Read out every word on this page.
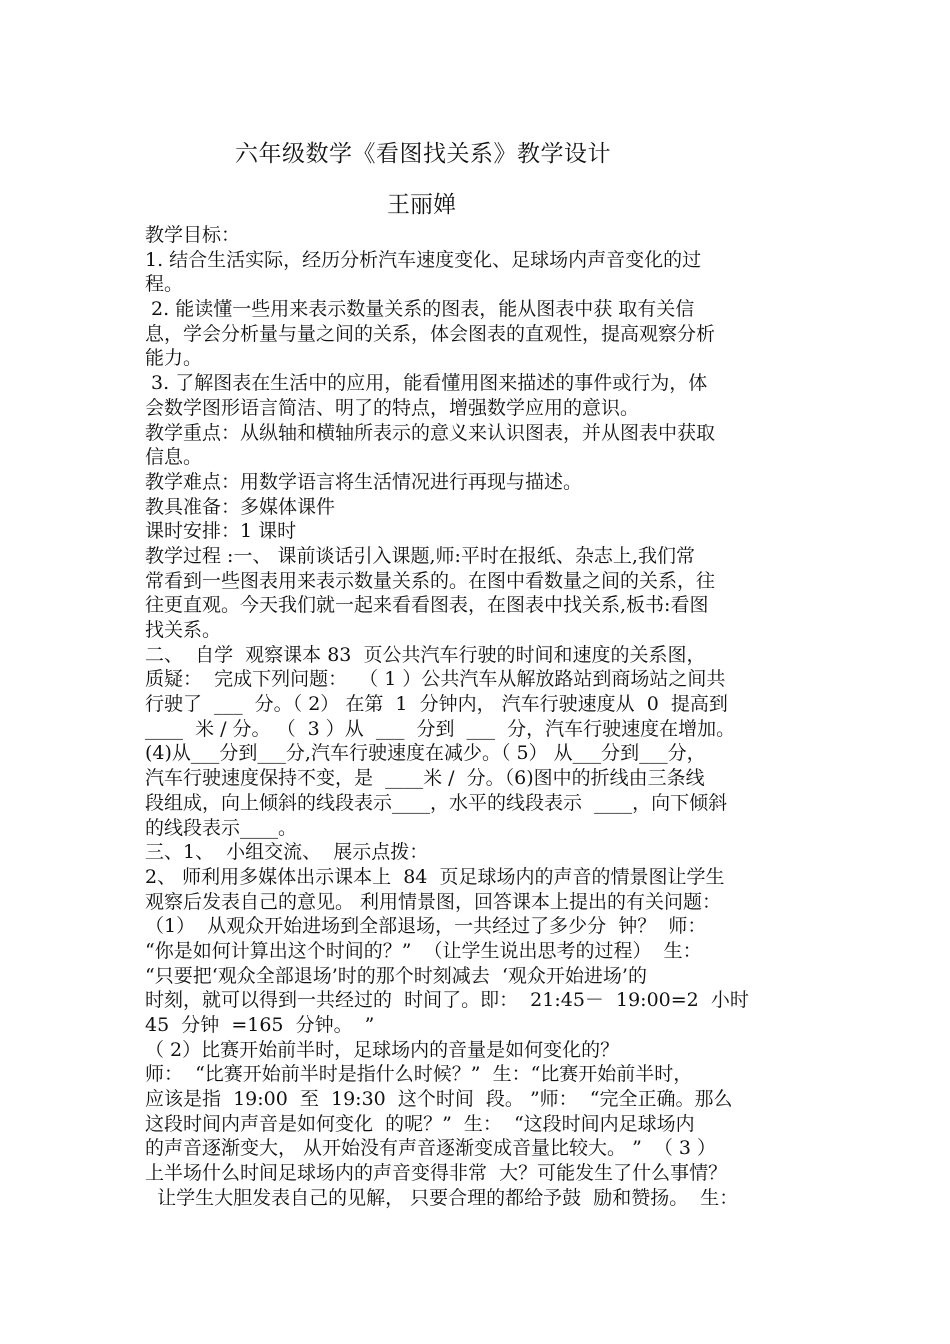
六年级数学《看图找关系》教学设计
王丽婵
教学目标：
1. 结合生活实际，经历分析汽车速度变化、足球场内声音变化的过
程。
2. 能读懂一些用来表示数量关系的图表，能从图表中获 取有关信
息，学会分析量与量之间的关系，体会图表的直观性，提高观察分析
能力。
3. 了解图表在生活中的应用，能看懂用图来描述的事件或行为，体
会数学图形语言简洁、明了的特点，增强数学应用的意识。
教学重点：从纵轴和横轴所表示的意义来认识图表，并从图表中获取
信息。
教学难点：用数学语言将生活情况进行再现与描述。
教具准备：多媒体课件
课时安排：1 课时
教学过程 :一、 课前谈话引入课题,师:平时在报纸、杂志上,我们常
常看到一些图表用来表示数量关系的。在图中看数量之间的关系，往
往更直观。今天我们就一起来看看图表，在图表中找关系,板书:看图
找关系。
二、  自学  观察课本 83  页公共汽车行驶的时间和速度的关系图，
质疑：  完成下列问题：  （ 1 ）公共汽车从解放路站到商场站之间共
行驶了  ___  分。（ 2） 在第  1  分钟内， 汽车行驶速度从  0  提高到
____  米 / 分。 （  3 ）从  ___  分到  ___  分，汽车行驶速度在增加。
(4)从___分到___分,汽车行驶速度在减少。（ 5） 从___分到___分，
汽车行驶速度保持不变，是  ____米 /  分。（6)图中的折线由三条线
段组成，向上倾斜的线段表示____，水平的线段表示  ____，向下倾斜
的线段表示____。
三、1、  小组交流、  展示点拨：
2、 师利用多媒体出示课本上  84  页足球场内的声音的情景图让学生
观察后发表自己的意见。 利用情景图，回答课本上提出的有关问题：
（1）  从观众开始进场到全部退场，一共经过了多少分  钟？  师：
“你是如何计算出这个时间的？”  （让学生说出思考的过程）  生：
“只要把‘观众全部退场’时的那个时刻减去  ‘观众开始进场’的
时刻，就可以得到一共经过的  时间了。即：  21:45－  19:00=2  小时
45  分钟  =165  分钟。  ”
（ 2）比赛开始前半时，足球场内的音量是如何变化的？
师：  “比赛开始前半时是指什么时候？”  生：“比赛开始前半时，
应该是指  19:00  至  19:30  这个时间  段。 ”师：  “完全正确。那么
这段时间内声音是如何变化  的呢？”  生：  “这段时间内足球场内
的声音逐渐变大， 从开始没有声音逐渐变成音量比较大。 ”  （ 3 ）
上半场什么时间足球场内的声音变得非常  大？可能发生了什么事情？
让学生大胆发表自己的见解， 只要合理的都给予鼓  励和赞扬。  生：
